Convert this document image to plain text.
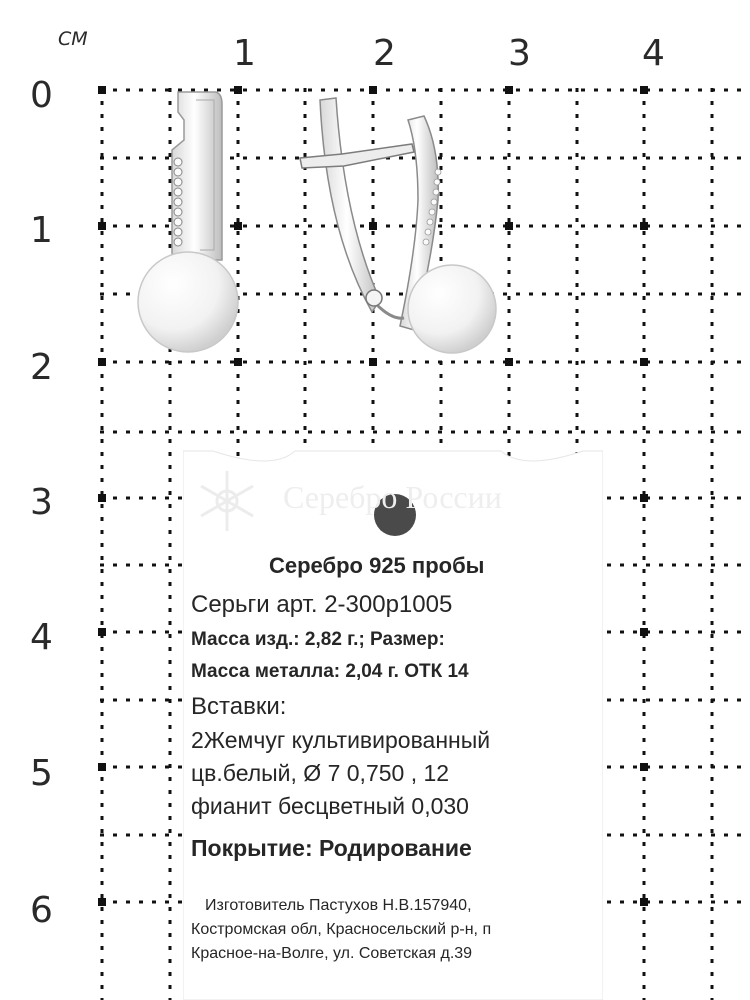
СМ	1	2	3	4
0
1
2
3
4
5
6
Серебро России
Серебро 925 пробы
Серьги арт. 2-300р1005
Масса изд.: 2,82 г.; Размер:
Масса металла: 2,04 г. ОТК 14
Вставки:
2Жемчуг культивированный
цв.белый, Ø 7 0,750 , 12
фианит бесцветный 0,030
Покрытие: Родирование
Изготовитель Пастухов Н.В.157940,
Костромская обл, Красносельский р-н, п
Красное-на-Волге, ул. Советская д.39
